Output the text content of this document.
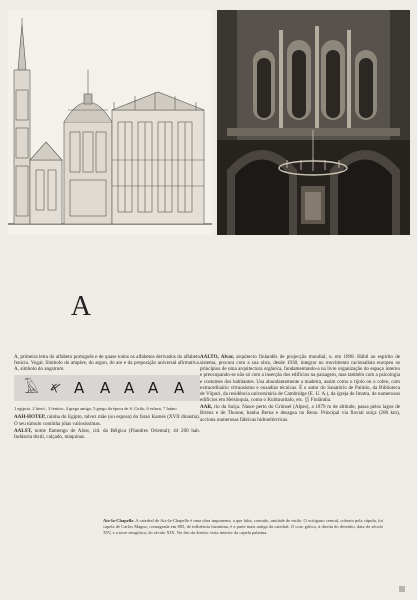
A

A, primeira letra do alfabeto português e de quase todos os alfabetos derivados do alfabeto fenício. Vogal. Símbolo do ampère, do argon, do are e da preposição universal afirmativa. A, símbolo do angstrom.

𓄿 𐤀 Α Α A A A

1 egípcio, 2 hieró., 3 fenício, 4 grego antigo, 5 grego da época de S. Cirilo, 6 eslavo, 7 latino

AAH-HOTEP, rainha do Egipto, talvez mãe (ou esposa) do faraó Kamés (XVII dinastia). O seu túmulo continha jóias valiosíssimas.

AALST, nome flamengo de Alost, cid. da Bélgica (Flandres Oriental); 44 200 hab. Indústria têxtil, calçado, máquinas.

AALTO, Alvar, arquitecto finlandês de projecção mundial, n. em 1898. Hábil ao espírito de sistema, procura com a sua obra, desde 1930, integrar no movimento racionalista europeu os princípios de uma arquitectura orgânica, fundamentando-a na livre organização do espaço interno e preocupando-se não só com a inserção dos edifícios na paisagem, mas também com a psicologia e costumes dos habitantes. Usa abundantemente a madeira, assim como o tijolo ou o cobre, com extraordinário virtuosismo e ousadias técnicas. É o autor do Sanatório de Paimio, da Biblioteca de Viipuri, da residência universitária de Cambridge (E. U. A.), da igreja de Imatra, de numerosos edifícios em Helsínquia, como o Kulttuuritalo, etc. ◫ Finlândia.

AAR, rio da Suíça. Nasce perto do Grimsel (Alpes), a 1879 m de altitude, passa pelos lagos de Brienz e de Thoune, banha Berna e desagua no Reno. Principal via fluvial suíça (280 km), acciona numerosas fábricas hidroeléctricas.

Aix-la-Chapelle. A catedral de Aix-la-Chapelle é uma obra imponente, a que falta, contudo, unidade de estilo. O octógono central, coberto pela cúpula, foi capela de Carlos Magno, consagrada em 805, de influência bizantina, é a parte mais antiga da catedral. O coro gótico, à direita do desenho, data do século XIV, e a torre neogótica, do século XIX. No fim da direita: vista interior da capela palatina.
